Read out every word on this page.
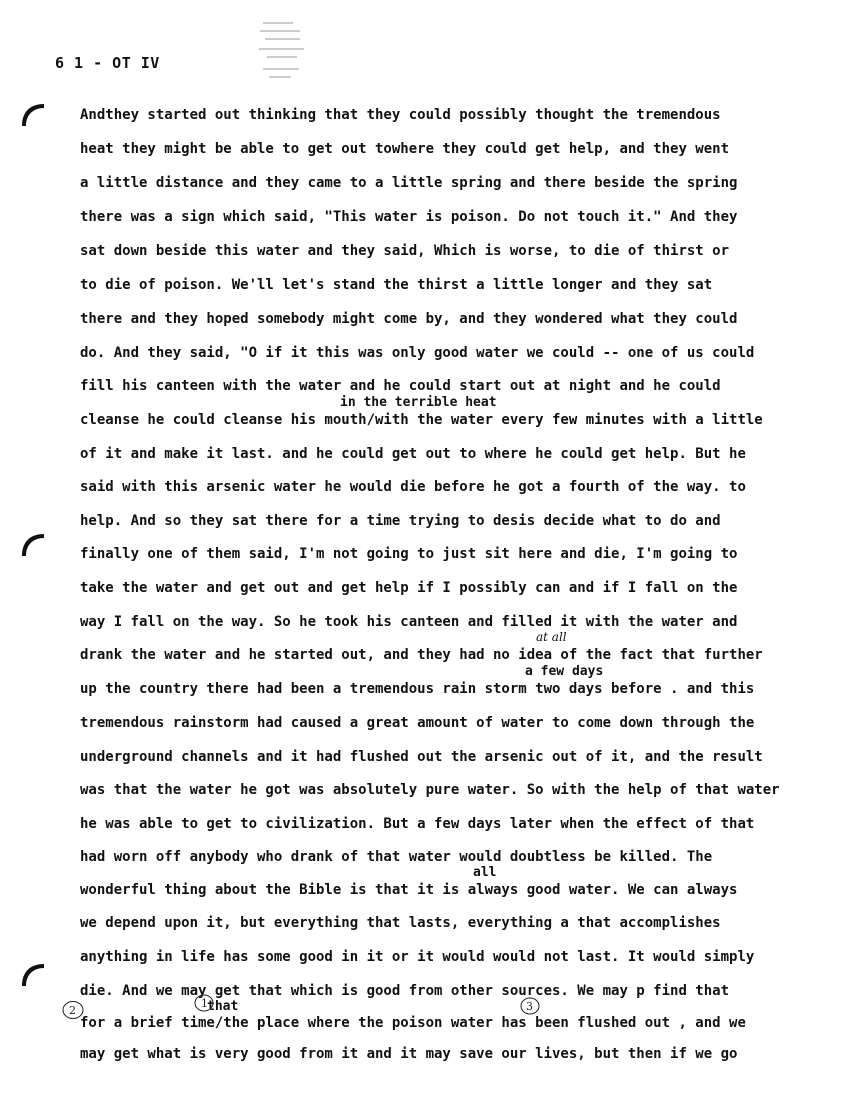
6 1 - OT IV
Andthey started out thinking that they could possibly thought the tremendous
heat they might be able to get out towhere they could get help, and they went
a little distance and they came to a little spring and there beside the spring
there was a sign which said, "This water is poison. Do not touch it." And they
sat down beside this water and they said, Which is worse, to die of thirst or
to die of poison. We'll let's stand the thirst a little longer and they sat
there and they hoped somebody might come by, and they wondered what they could
do. And they said, "O if it this was only good water we could -- one of us could
fill his canteen with the water and he could start out at night and he could
in the terrible heat
cleanse he could cleanse his mouth/with the water every few minutes with a little
of it and make it last. and he could get out to where he could get help. But he
said with this arsenic water he would die before he got a fourth of the way. to
help. And so they sat there for a time trying to desis decide what to do and
finally one of them said, I'm not going to just sit here and die, I'm going to
take the water and get out and get help if I possibly can and if I fall on the
way I fall on the way. So he took his canteen and filled it with the water and
at all
drank the water and he started out, and they had no idea of the fact that further
a few days
up the country there had been a tremendous rain storm two days before . and this
tremendous rainstorm had caused a great amount of water to come down through the
underground channels and it had flushed out the arsenic out of it, and the result
was that the water he got was absolutely pure water. So with the help of that water
he was able to get to civilization. But a few days later when the effect of that
had worn off anybody who drank of that water would doubtless be killed. The
all
wonderful thing about the Bible is that it is always good water. We can always
we depend upon it, but everything that lasts, everything a that accomplishes
anything in life has some good in it or it would would not last. It would simply
die. And we may get that which is good from other sources. We may p find that
that
for a brief time/the place where the poison water has been flushed out , and we
may get what is very good from it and it may save our lives, but then if we go
2
1	3
